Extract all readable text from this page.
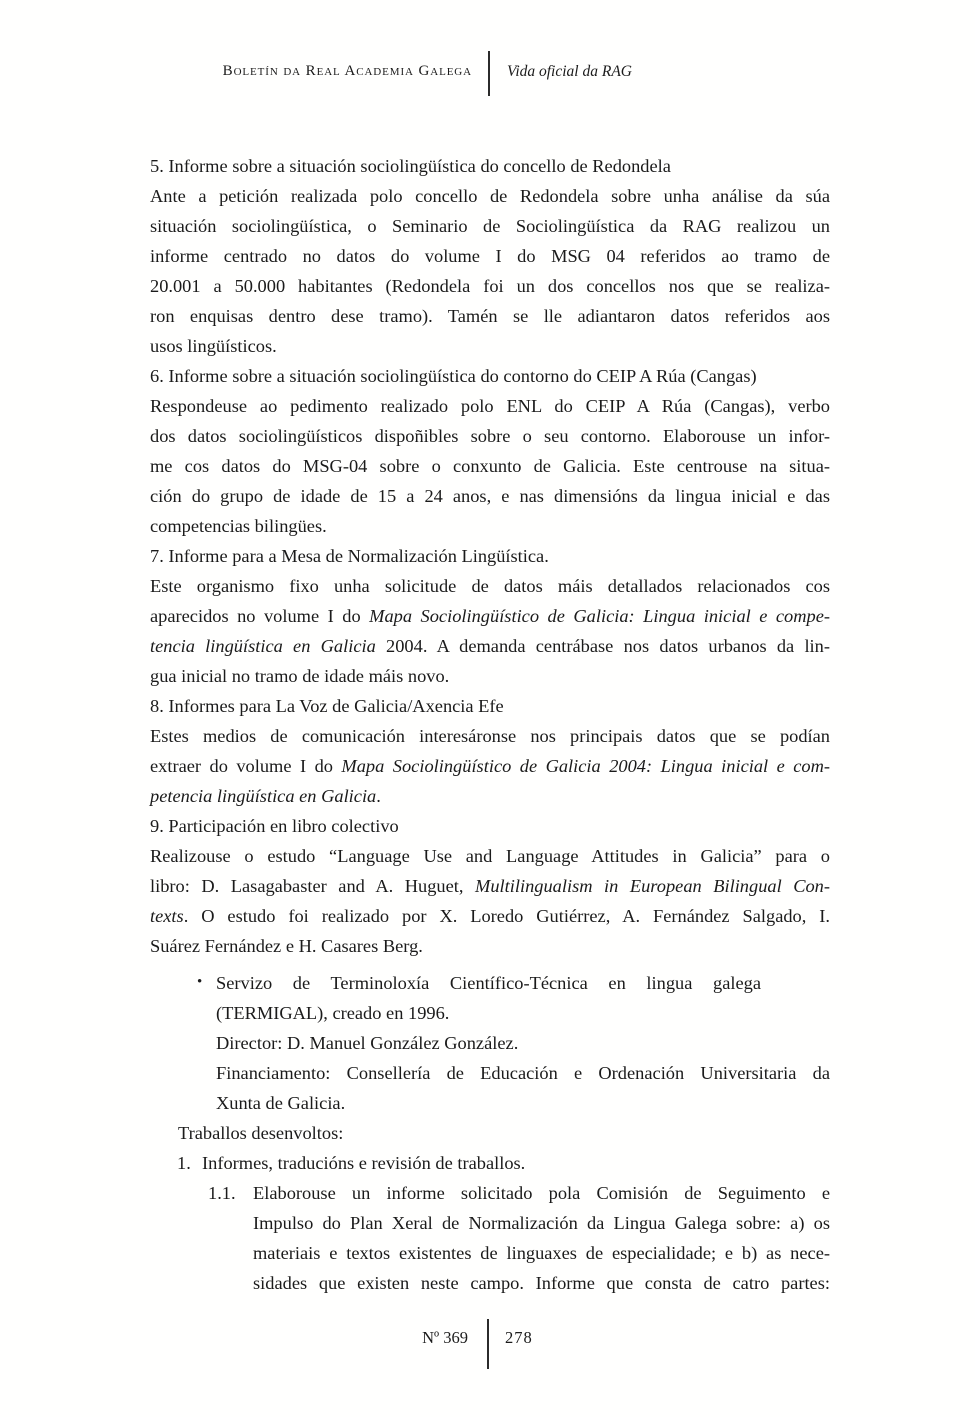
Boletín da Real Academia Galega Vida oficial da RAG
5. Informe sobre a situación sociolingüística do concello de Redondela
Ante a petición realizada polo concello de Redondela sobre unha análise da súa
situación sociolingüística, o Seminario de Sociolingüística da RAG realizou un
informe centrado no datos do volume I do MSG 04 referidos ao tramo de
20.001 a 50.000 habitantes (Redondela foi un dos concellos nos que se realiza-
ron enquisas dentro dese tramo). Tamén se lle adiantaron datos referidos aos
usos lingüísticos.
6. Informe sobre a situación sociolingüística do contorno do CEIP A Rúa (Cangas)
Respondeuse ao pedimento realizado polo ENL do CEIP A Rúa (Cangas), verbo
dos datos sociolingüísticos dispoñibles sobre o seu contorno. Elaborouse un infor-
me cos datos do MSG-04 sobre o conxunto de Galicia. Este centrouse na situa-
ción do grupo de idade de 15 a 24 anos, e nas dimensións da lingua inicial e das
competencias bilingües.
7. Informe para a Mesa de Normalización Lingüística.
Este organismo fixo unha solicitude de datos máis detallados relacionados cos
aparecidos no volume I do Mapa Sociolingüístico de Galicia: Lingua inicial e compe-
tencia lingüística en Galicia 2004. A demanda centrábase nos datos urbanos da lin-
gua inicial no tramo de idade máis novo.
8. Informes para La Voz de Galicia/Axencia Efe
Estes medios de comunicación interesáronse nos principais datos que se podían
extraer do volume I do Mapa Sociolingüístico de Galicia 2004: Lingua inicial e com-
petencia lingüística en Galicia.
9. Participación en libro colectivo
Realizouse o estudo “Language Use and Language Attitudes in Galicia” para o
libro: D. Lasagabaster and A. Huguet, Multilingualism in European Bilingual Con-
texts. O estudo foi realizado por X. Loredo Gutiérrez, A. Fernández Salgado, I.
Suárez Fernández e H. Casares Berg.
• Servizo de Terminoloxía Científico-Técnica en lingua galega
(TERMIGAL), creado en 1996.
Director: D. Manuel González González.
Financiamento: Consellería de Educación e Ordenación Universitaria da
Xunta de Galicia.
Traballos desenvoltos:
1. Informes, traducións e revisión de traballos.
1.1. Elaborouse un informe solicitado pola Comisión de Seguimento e
Impulso do Plan Xeral de Normalización da Lingua Galega sobre: a) os
materiais e textos existentes de linguaxes de especialidade; e b) as nece-
sidades que existen neste campo. Informe que consta de catro partes:
Nº 369 278
